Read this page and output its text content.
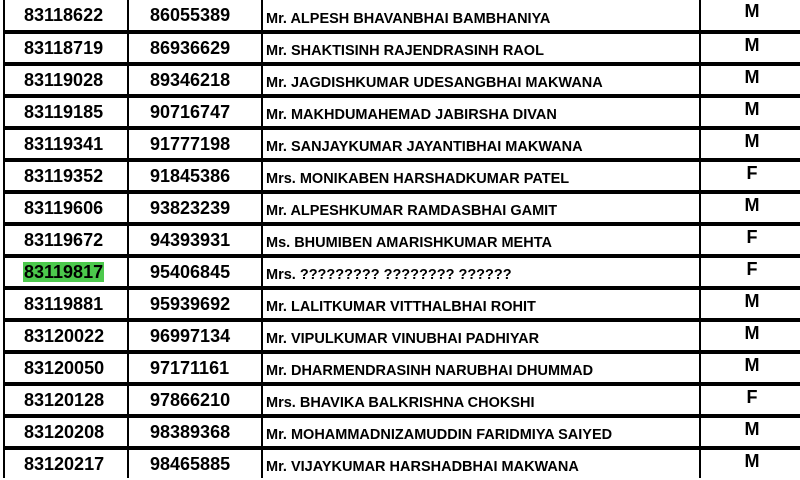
83118622	86055389	Mr. ALPESH BHAVANBHAI BAMBHANIYA	M
83118719	86936629	Mr. SHAKTISINH RAJENDRASINH RAOL	M
83119028	89346218	Mr. JAGDISHKUMAR UDESANGBHAI MAKWANA	M
83119185	90716747	Mr. MAKHDUMAHEMAD JABIRSHA DIVAN	M
83119341	91777198	Mr. SANJAYKUMAR JAYANTIBHAI MAKWANA	M
83119352	91845386	Mrs. MONIKABEN HARSHADKUMAR PATEL	F
83119606	93823239	Mr. ALPESHKUMAR RAMDASBHAI GAMIT	M
83119672	94393931	Ms. BHUMIBEN AMARISHKUMAR MEHTA	F
83119817	95406845	Mrs. ????????? ???????? ??????	F
83119881	95939692	Mr. LALITKUMAR VITTHALBHAI ROHIT	M
83120022	96997134	Mr. VIPULKUMAR VINUBHAI PADHIYAR	M
83120050	97171161	Mr. DHARMENDRASINH NARUBHAI DHUMMAD	M
83120128	97866210	Mrs. BHAVIKA BALKRISHNA CHOKSHI	F
83120208	98389368	Mr. MOHAMMADNIZAMUDDIN FARIDMIYA SAIYED	M
83120217	98465885	Mr. VIJAYKUMAR HARSHADBHAI MAKWANA	M
